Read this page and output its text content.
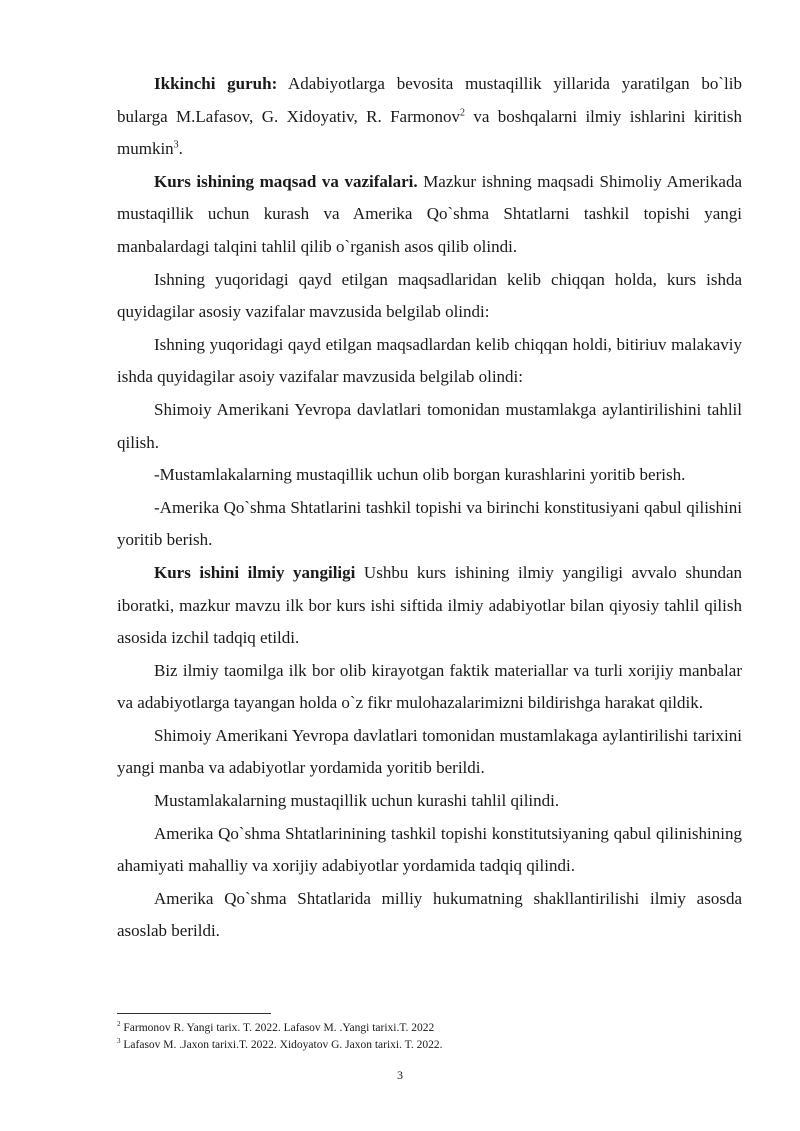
Ikkinchi guruh: Adabiyotlarga bevosita mustaqillik yillarida yaratilgan bo`lib bularga M.Lafasov, G. Xidoyativ, R. Farmonov$^2$ va boshqalarni ilmiy ishlarini kiritish mumkin$^3$.

Kurs ishining maqsad va vazifalari. Mazkur ishning maqsadi Shimoliy Amerikada mustaqillik uchun kurash va Amerika Qo`shma Shtatlarni tashkil topishi yangi manbalardagi talqini tahlil qilib o`rganish asos qilib olindi.

Ishning yuqoridagi qayd etilgan maqsadlaridan kelib chiqqan holda, kurs ishda quyidagilar asosiy vazifalar mavzusida belgilab olindi:

Ishning yuqoridagi qayd etilgan maqsadlardan kelib chiqqan holdi, bitiriuv malakaviy ishda quyidagilar asoiy vazifalar mavzusida belgilab olindi:

Shimoiy Amerikani Yevropa davlatlari tomonidan mustamlakga aylantirilishini tahlil qilish.

-Mustamlakalarning mustaqillik uchun olib borgan kurashlarini yoritib berish.

-Amerika Qo`shma Shtatlarini tashkil topishi va birinchi konstitusiyani qabul qilishini yoritib berish.

Kurs ishini ilmiy yangiligi Ushbu kurs ishining ilmiy yangiligi avvalo shundan iboratki, mazkur mavzu ilk bor kurs ishi siftida ilmiy adabiyotlar bilan qiyosiy tahlil qilish asosida izchil tadqiq etildi.

Biz ilmiy taomilga ilk bor olib kirayotgan faktik materiallar va turli xorijiy manbalar va adabiyotlarga tayangan holda o`z fikr mulohazalarimizni bildirishga harakat qildik.

Shimoiy Amerikani Yevropa davlatlari tomonidan mustamlakaga aylantirilishi tarixini yangi manba va adabiyotlar yordamida yoritib berildi.

Mustamlakalarning mustaqillik uchun kurashi tahlil qilindi.

Amerika Qo`shma Shtatlarinining tashkil topishi konstitutsiyaning qabul qilinishining ahamiyati mahalliy va xorijiy adabiyotlar yordamida tadqiq qilindi.

Amerika Qo`shma Shtatlarida milliy hukumatning shakllantirilishi ilmiy asosda asoslab berildi.

$^2$ Farmonov R. Yangi tarix. T. 2022. Lafasov M. .Yangi tarixi.T. 2022

$^3$ Lafasov M. .Jaxon tarixi.T. 2022. Xidoyatov G. Jaxon tarixi. T. 2022.

3
